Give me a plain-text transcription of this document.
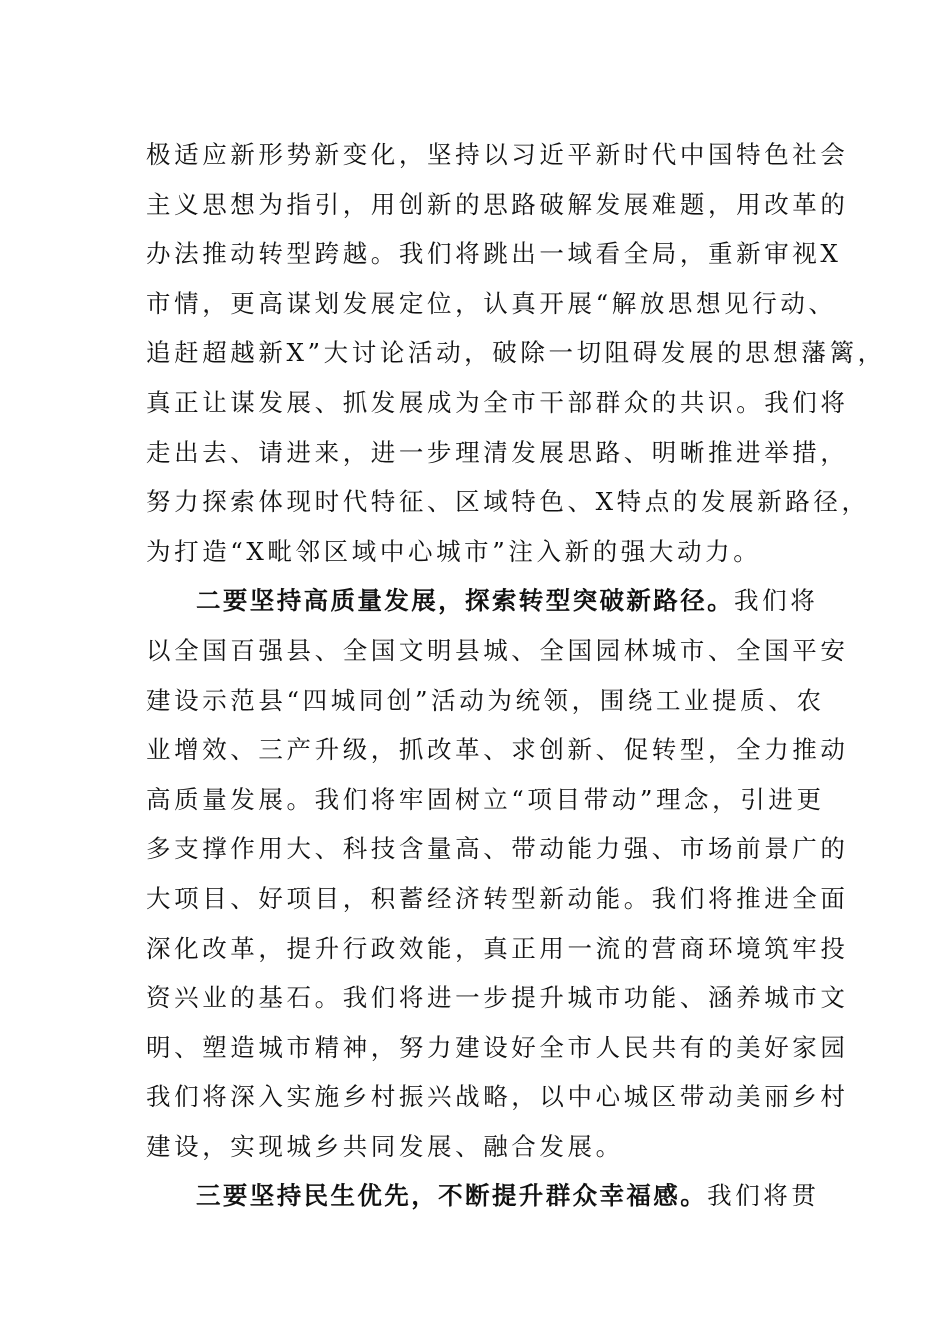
极适应新形势新变化，坚持以习近平新时代中国特色社会
主义思想为指引，用创新的思路破解发展难题，用改革的
办法推动转型跨越。我们将跳出一域看全局，重新审视X
市情，更高谋划发展定位，认真开展“解放思想见行动、
追赶超越新X”大讨论活动，破除一切阻碍发展的思想藩篱，
真正让谋发展、抓发展成为全市干部群众的共识。我们将
走出去、请进来，进一步理清发展思路、明晰推进举措，
努力探索体现时代特征、区域特色、X特点的发展新路径，
为打造“X毗邻区域中心城市”注入新的强大动力。
二要坚持高质量发展，探索转型突破新路径。我们将
以全国百强县、全国文明县城、全国园林城市、全国平安
建设示范县“四城同创”活动为统领，围绕工业提质、农
业增效、三产升级，抓改革、求创新、促转型，全力推动
高质量发展。我们将牢固树立“项目带动”理念，引进更
多支撑作用大、科技含量高、带动能力强、市场前景广的
大项目、好项目，积蓄经济转型新动能。我们将推进全面
深化改革，提升行政效能，真正用一流的营商环境筑牢投
资兴业的基石。我们将进一步提升城市功能、涵养城市文
明、塑造城市精神，努力建设好全市人民共有的美好家园
我们将深入实施乡村振兴战略，以中心城区带动美丽乡村
建设，实现城乡共同发展、融合发展。
三要坚持民生优先，不断提升群众幸福感。我们将贯
